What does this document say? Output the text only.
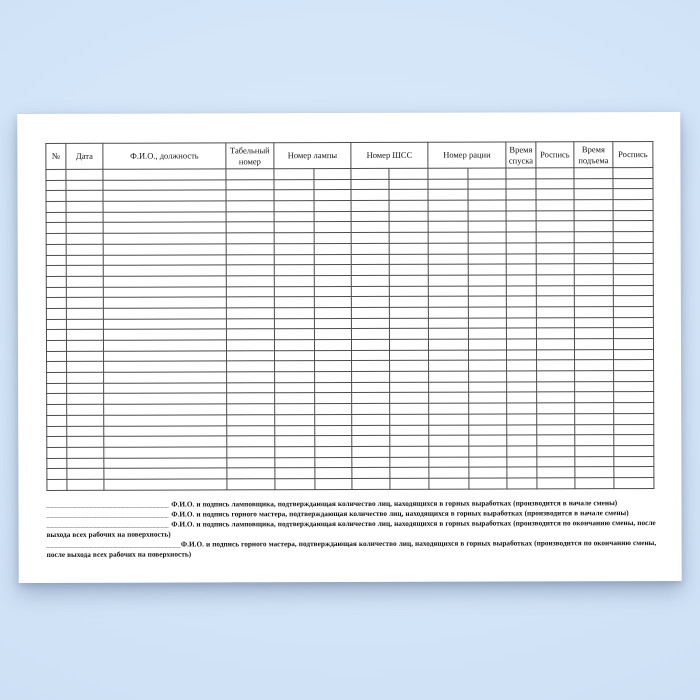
№	Дата	Ф.И.О., должность	Табельный номер	Номер лампы		Номер ШСС		Номер рации		Время спуска	Роспись	Время подъема	Роспись

_______________________________ Ф.И.О. и подпись ламповщика, подтверждающая количество лиц, находящихся в горных выработках (производится в начале смены)

_______________________________ Ф.И.О. и подпись горного мастера, подтверждающая количество лиц, находящихся в горных выработках (производится в начале смены)

_______________________________ Ф.И.О. и подпись ламповщика, подтверждающая количество лиц, находящихся в горных выработках (производится по окончанию смены, после выхода всех рабочих на поверхность)

__________________________________Ф.И.О. и подпись горного мастера, подтверждающая количество лиц, находящихся в горных выработках (производится по окончанию смены, после выхода всех рабочих на поверхность)
